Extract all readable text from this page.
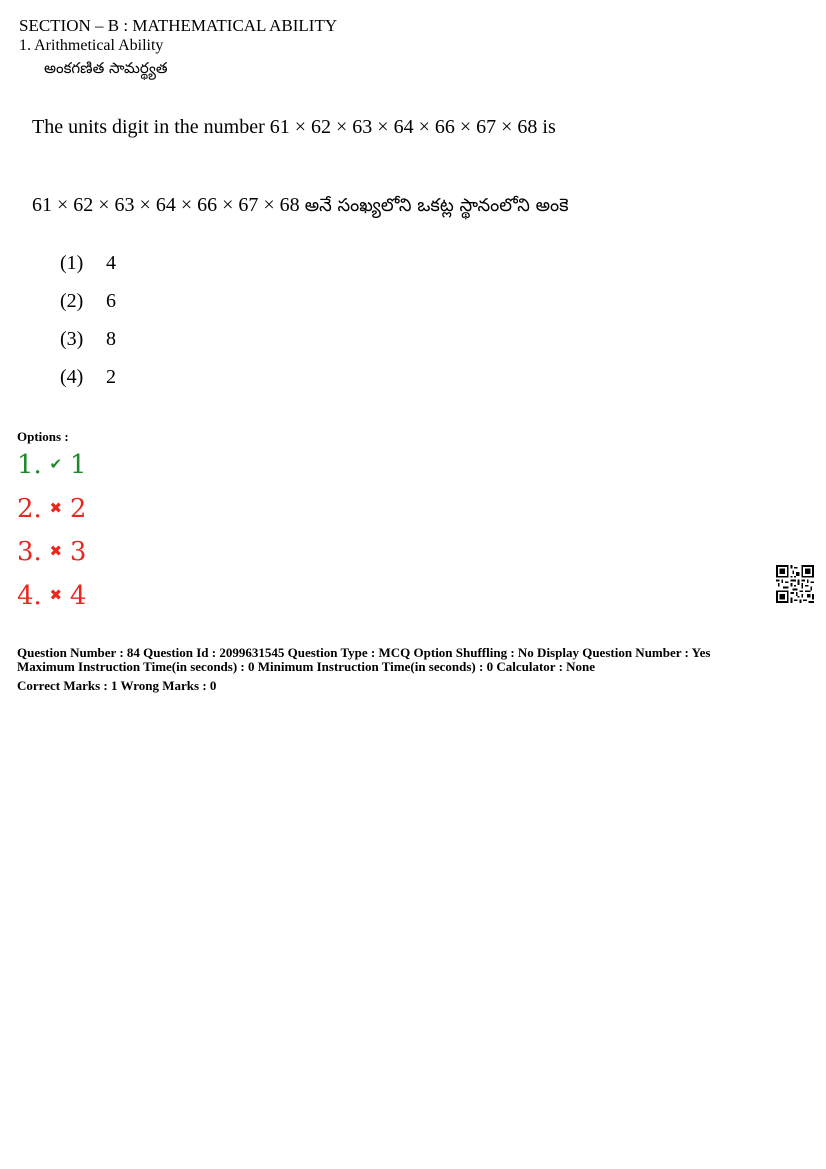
SECTION – B : MATHEMATICAL ABILITY
1. Arithmetical Ability
అంకగణిత సామర్థ్యత
The units digit in the number 61 × 62 × 63 × 64 × 66 × 67 × 68 is
61 × 62 × 63 × 64 × 66 × 67 × 68 అనే సంఖ్యలోని ఒకట్ల స్థానంలోని అంకె
(1) 4
(2) 6
(3) 8
(4) 2
Options :
1. ✔ 1
2. ✖ 2
3. ✖ 3
4. ✖ 4
Question Number : 84 Question Id : 2099631545 Question Type : MCQ Option Shuffling : No Display Question Number : Yes
Maximum Instruction Time(in seconds) : 0 Minimum Instruction Time(in seconds) : 0 Calculator : None
Correct Marks : 1 Wrong Marks : 0
